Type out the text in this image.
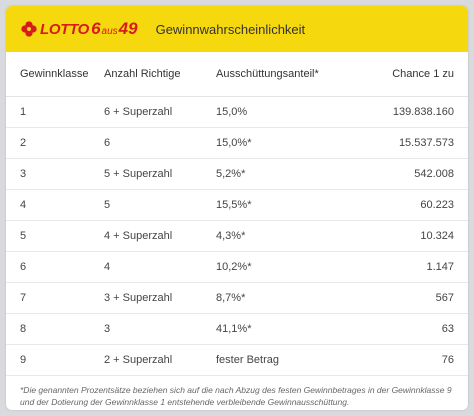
LOTTO 6 aus 49 Gewinnwahrscheinlichkeit
Gewinnklasse	Anzahl Richtige	Ausschüttungsanteil*	Chance 1 zu
1	6 + Superzahl	15,0%	139.838.160
2	6	15,0%*	15.537.573
3	5 + Superzahl	5,2%*	542.008
4	5	15,5%*	60.223
5	4 + Superzahl	4,3%*	10.324
6	4	10,2%*	1.147
7	3 + Superzahl	8,7%*	567
8	3	41,1%*	63
9	2 + Superzahl	fester Betrag	76
*Die genannten Prozentsätze beziehen sich auf die nach Abzug des festen Gewinnbetrages in der Gewinnklasse 9 und der Dotierung der Gewinnklasse 1 entstehende verbleibende Gewinnausschüttung.
